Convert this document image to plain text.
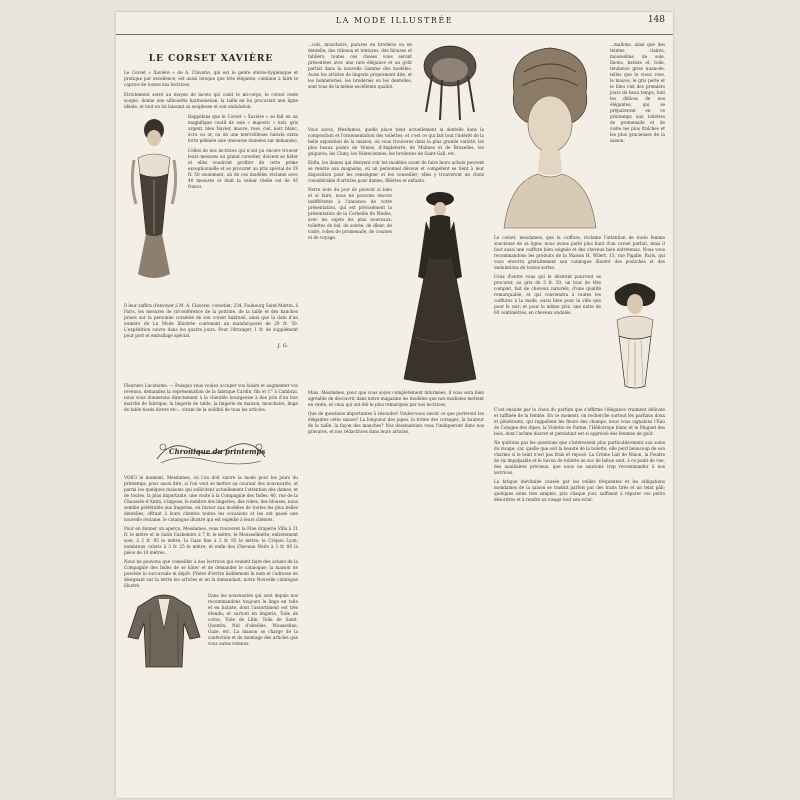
LA MODE ILLUSTRÉE	148
LE CORSET XAVIÈRE
Le Corset « Xavière » de A. Claverie, qui est le genre stéréo-hygiénique et pratique par excellence, est aussi lorsque que très élégante, combine à faire le caprice de toutes nos lectrices.
Étroitement serré au moyen de lacets qui ceint le mi-corps, le corset reste souple, donne une silhouette harmonieuse, la taille en lui procurant une ligne idéale, et tout en lui laissant sa souplesse et son ondulation.
Rappelons que le Corset « Xavière » se fait en un magnifique coutil de soie « majestic » noir, gris argent, bleu Navier, mauve, rose, ciel, noir, blanc, écru ou or, ou en une merveilleuse batiste extra forte pékinée soie (mesures données sur demande).
Celles de nos lectrices qui n'ont pu encore trouver leurs mesures au grand corsetier, doivent se hâter et elles voudront profiter de cette prime exceptionnelle et se procurer au prix spécial de 29 fr. 50 seulement, un de ces modèles réclamé avec 40 mesures et dont la valeur réelle est de 45 francs.
Il leur suffira d'envoyer à M. A. Claverie, corsetier, 234, Faubourg Saint-Martin, à Paris, les mesures de circonférence de la poitrine, de la taille et des hanches prises sur la personne corsetée de son corset habituel, ainsi que la date d'un numéro de La Mode Illustrée contenant un mandat-poste de 29 fr. 50. L'expédition suivra dans les quatre jours. Pour l'étranger, 1 fr. de supplément pour port et emballage spécial.
J. G.
Fleuriers Lucotisme. — Puisque vous voulez occuper vos loisirs et augmenter vos revenus, demandez la représentation de la fabrique Cardin, fils et C° à Cambrai, nous vous donnerons directement à la clientèle bourgeoise à des prix d'un bon marché de fabrique, la lingerie de table, la lingerie de maison, mouchoirs, linge de table tissés divers etc... vivant de la solidité de tous les articles.
Chronique du printemps
VOICI le moment, Mesdames, où l'on doit suivre la mode pour les jours du printemps, pour aussi dire, si l'on veut se mettre au courant des nouveautés, et parmi les quelques maisons qui sollicitent actuellement l'attention des dames, et de toutes, la plus importante, une visite à la Compagnie des Indes, 40, rue de la Chaussée-d'Antin, s'impose, le nombre des lingeries, des robes, des blouses, nous semble préférable aux lingeries, en faveur aux modèles de toutes les plus belles dentelles, offrant à leurs clientes toutes les occasions et les ont passé une nouvelle réclame, le catalogue illustré qui est expédié à leurs clientes.
Pour en donner un aperçu, Mesdames, vous trouverez la Fine draperie Villa à 31 fr. le mètre et le Satin Cashemire à 7 fr. le mètre, le Mousselinette, entièrement soie, à 2 fr. 95 le mètre; la Gaze fine à 2 fr. 95 le mètre; le Crépon Lyon; nombreux coloris à 3 fr. 25 le mètre; et enfin des Chevaux Noirs à 1 fr. 80 la pièce de 10 mètres.
Nous ne pouvons que conseiller à nos lectrices qui veulent faire des achats de la Compagnie des Indes de se hâter et de demander le catalogue; la maison ne possède ni succursale ni dépôt. Prière d'écrire lisiblement le nom et l'adresse en désignant sur la lettre les articles et en la demandant, notre Nouvelle catalogue illustré.
Dans les nouveautés qui sont depuis nos recommandons toujours le linge en toile et en batiste, dont l'assortiment est très étendu; et surtout en lingerie, Toile de coton, Toile de Lille, Toile de Saint-Quentin, Nid d'abeilles, Mousseline, Gaze, etc. La maison se charge de la confection et du montage des articles que vous aurez retenus.
...cols, mouchoirs, parures en broderie ou en dentelle; des rideaux et tentures, des blouses et tabliers, toutes ces choses vous seront présentées avec une rare élégance et un goût parfait dans la nouvelle Gamme des modèles. Aussi les articles de lingerie proprement dite, et les bonneteries, les broderies ou les dentelles, sont tous de la même excellente qualité.
Vous savez, Mesdames, quelle place tient actuellement la dentelle dans la composition et l'ornementation des toilettes; et c'est ce qui fait tout l'intérêt de la belle exposition de la maison, où vous trouverez dans la plus grande variété, les plus beaux points de Venise, d'Angleterre, de Malines et de Bruxelles, les guipures, les Cluny, les Valenciennes, les broderies de Saint-Gall, etc.
Enfin, les dames qui désirent voir les modèles avant de faire leurs achats peuvent se rendre aux magasins, où un personnel dévoué et compétent se tient à leur disposition pour les renseigner et les conseiller; elles y trouveront un choix considérable d'articles pour dames, fillettes et enfants.
Notre note du jour de pouvoir si bien et si faire, nous ne pouvons encore indifférente à l'annonce de votre présentation, qui est précisément la présentation de la Corbeille de Modes, avec les sujets les plus nouveaux: toilettes de bal, de soirée, de dîner, de visite, robes de promenade, de courses et de voyage.
Mais, Mesdames, pour que vous soyez complètement informées, il vous sera bien agréable de découvrir dans notre magazine les modèles que nos modistes mettent en vente, et ceux qui ont été le plus remarqués par nos lectrices.
Que de questions importantes à résoudre! Voulez-vous savoir ce que porteront les élégantes cette saison? La longueur des jupes, la forme des corsages, la hauteur de la taille, la façon des manches? Nos dessinateurs vous l'indiqueront dans nos gravures, et nos rédactrices dans leurs articles.
...mallons, ainsi que des teintes claires, mousseline de soie, linons, batiste et, toile, tendance grise nuancée, telles que le vieux rose, le mauve, le gris perle et le bleu ciel des premiers jours de beau temps, font les délices de nos élégantes, qui se prépareront en ce printemps aux toilettes de promenade et de visite les plus fraîches et les plus gracieuses de la saison.
Le corset, mesdames, que la coiffure, réclame l'attention de toute femme soucieuse de sa ligne; nous avons parlé plus haut d'un corset parfait, mais il faut aussi une coiffure bien soignée et des cheveux bien entretenus. Nous vous recommandons les produits de la Maison H. Wilert, 13, rue Pigalle, Paris, qui vous enverra gratuitement son catalogue illustré des postiches et des ondulations de toutes sortes.
Ceux d'entre vous qui le désirent pourront se procurer, au prix de 5 fr. 50, un tour de tête complet, fait de cheveux naturels, d'une qualité remarquable, et qui conviendra à toutes les coiffures à la mode, aussi bien pour la ville que pour le soir; et pour le même prix, une natte de 60 centimètres, en cheveux ondulés.
C'est ensuite par le choix du parfum que s'affirme l'élégance vraiment délicate et raffinée de la femme. En ce moment, on recherche surtout les parfums doux et pénétrants, qui rappellent les fleurs des champs; nous vous signalons l'Eau de Cologne des Alpes, la Violette de Parme, l'Héliotrope blanc et le Muguet des bois, dont l'arôme discret et persistant est si apprécié des femmes de goût.
Ne quittons pas les questions que s'intéressent plus particulièrement aux soins du visage; car, quelle que soit la beauté de la toilette, elle perd beaucoup de son charme si le teint n'est pas frais et reposé. La Crème Lait de Ninon, la Poudre de riz impalpable et le Savon de toilette au suc de laitue sont, à ce point de vue, des auxiliaires précieux, que nous ne saurions trop recommander à nos lectrices.
La fatigue inévitable causée par les veilles fréquentes et les obligations mondaines de la saison se traduit parfois par des traits tirés et un teint pâli; quelques soins très simples, pris chaque jour, suffisent à réparer ces petits désordres et à rendre au visage tout son éclat.
